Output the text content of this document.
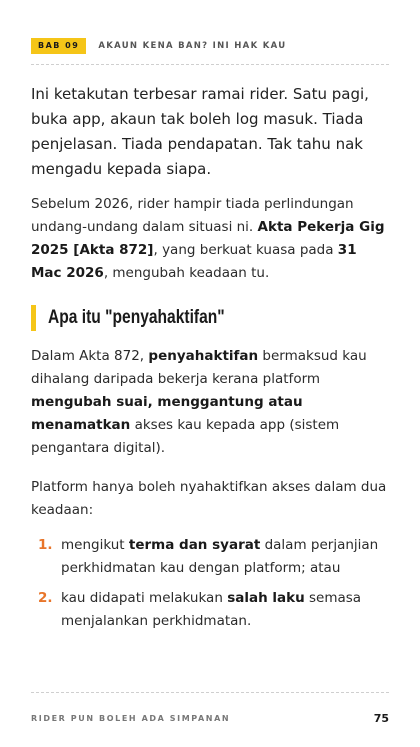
BAB 09	AKAUN KENA BAN? INI HAK KAU

Ini ketakutan terbesar ramai rider. Satu pagi, buka app, akaun tak boleh log masuk. Tiada penjelasan. Tiada pendapatan. Tak tahu nak mengadu kepada siapa.

Sebelum 2026, rider hampir tiada perlindungan undang-undang dalam situasi ni. Akta Pekerja Gig 2025 [Akta 872], yang berkuat kuasa pada 31 Mac 2026, mengubah keadaan tu.

Apa itu "penyahaktifan"

Dalam Akta 872, penyahaktifan bermaksud kau dihalang daripada bekerja kerana platform mengubah suai, menggantung atau menamatkan akses kau kepada app (sistem pengantara digital).

Platform hanya boleh nyahaktifkan akses dalam dua keadaan:

1. mengikut terma dan syarat dalam perjanjian perkhidmatan kau dengan platform; atau
2. kau didapati melakukan salah laku semasa menjalankan perkhidmatan.
RIDER PUN BOLEH ADA SIMPANAN	75
